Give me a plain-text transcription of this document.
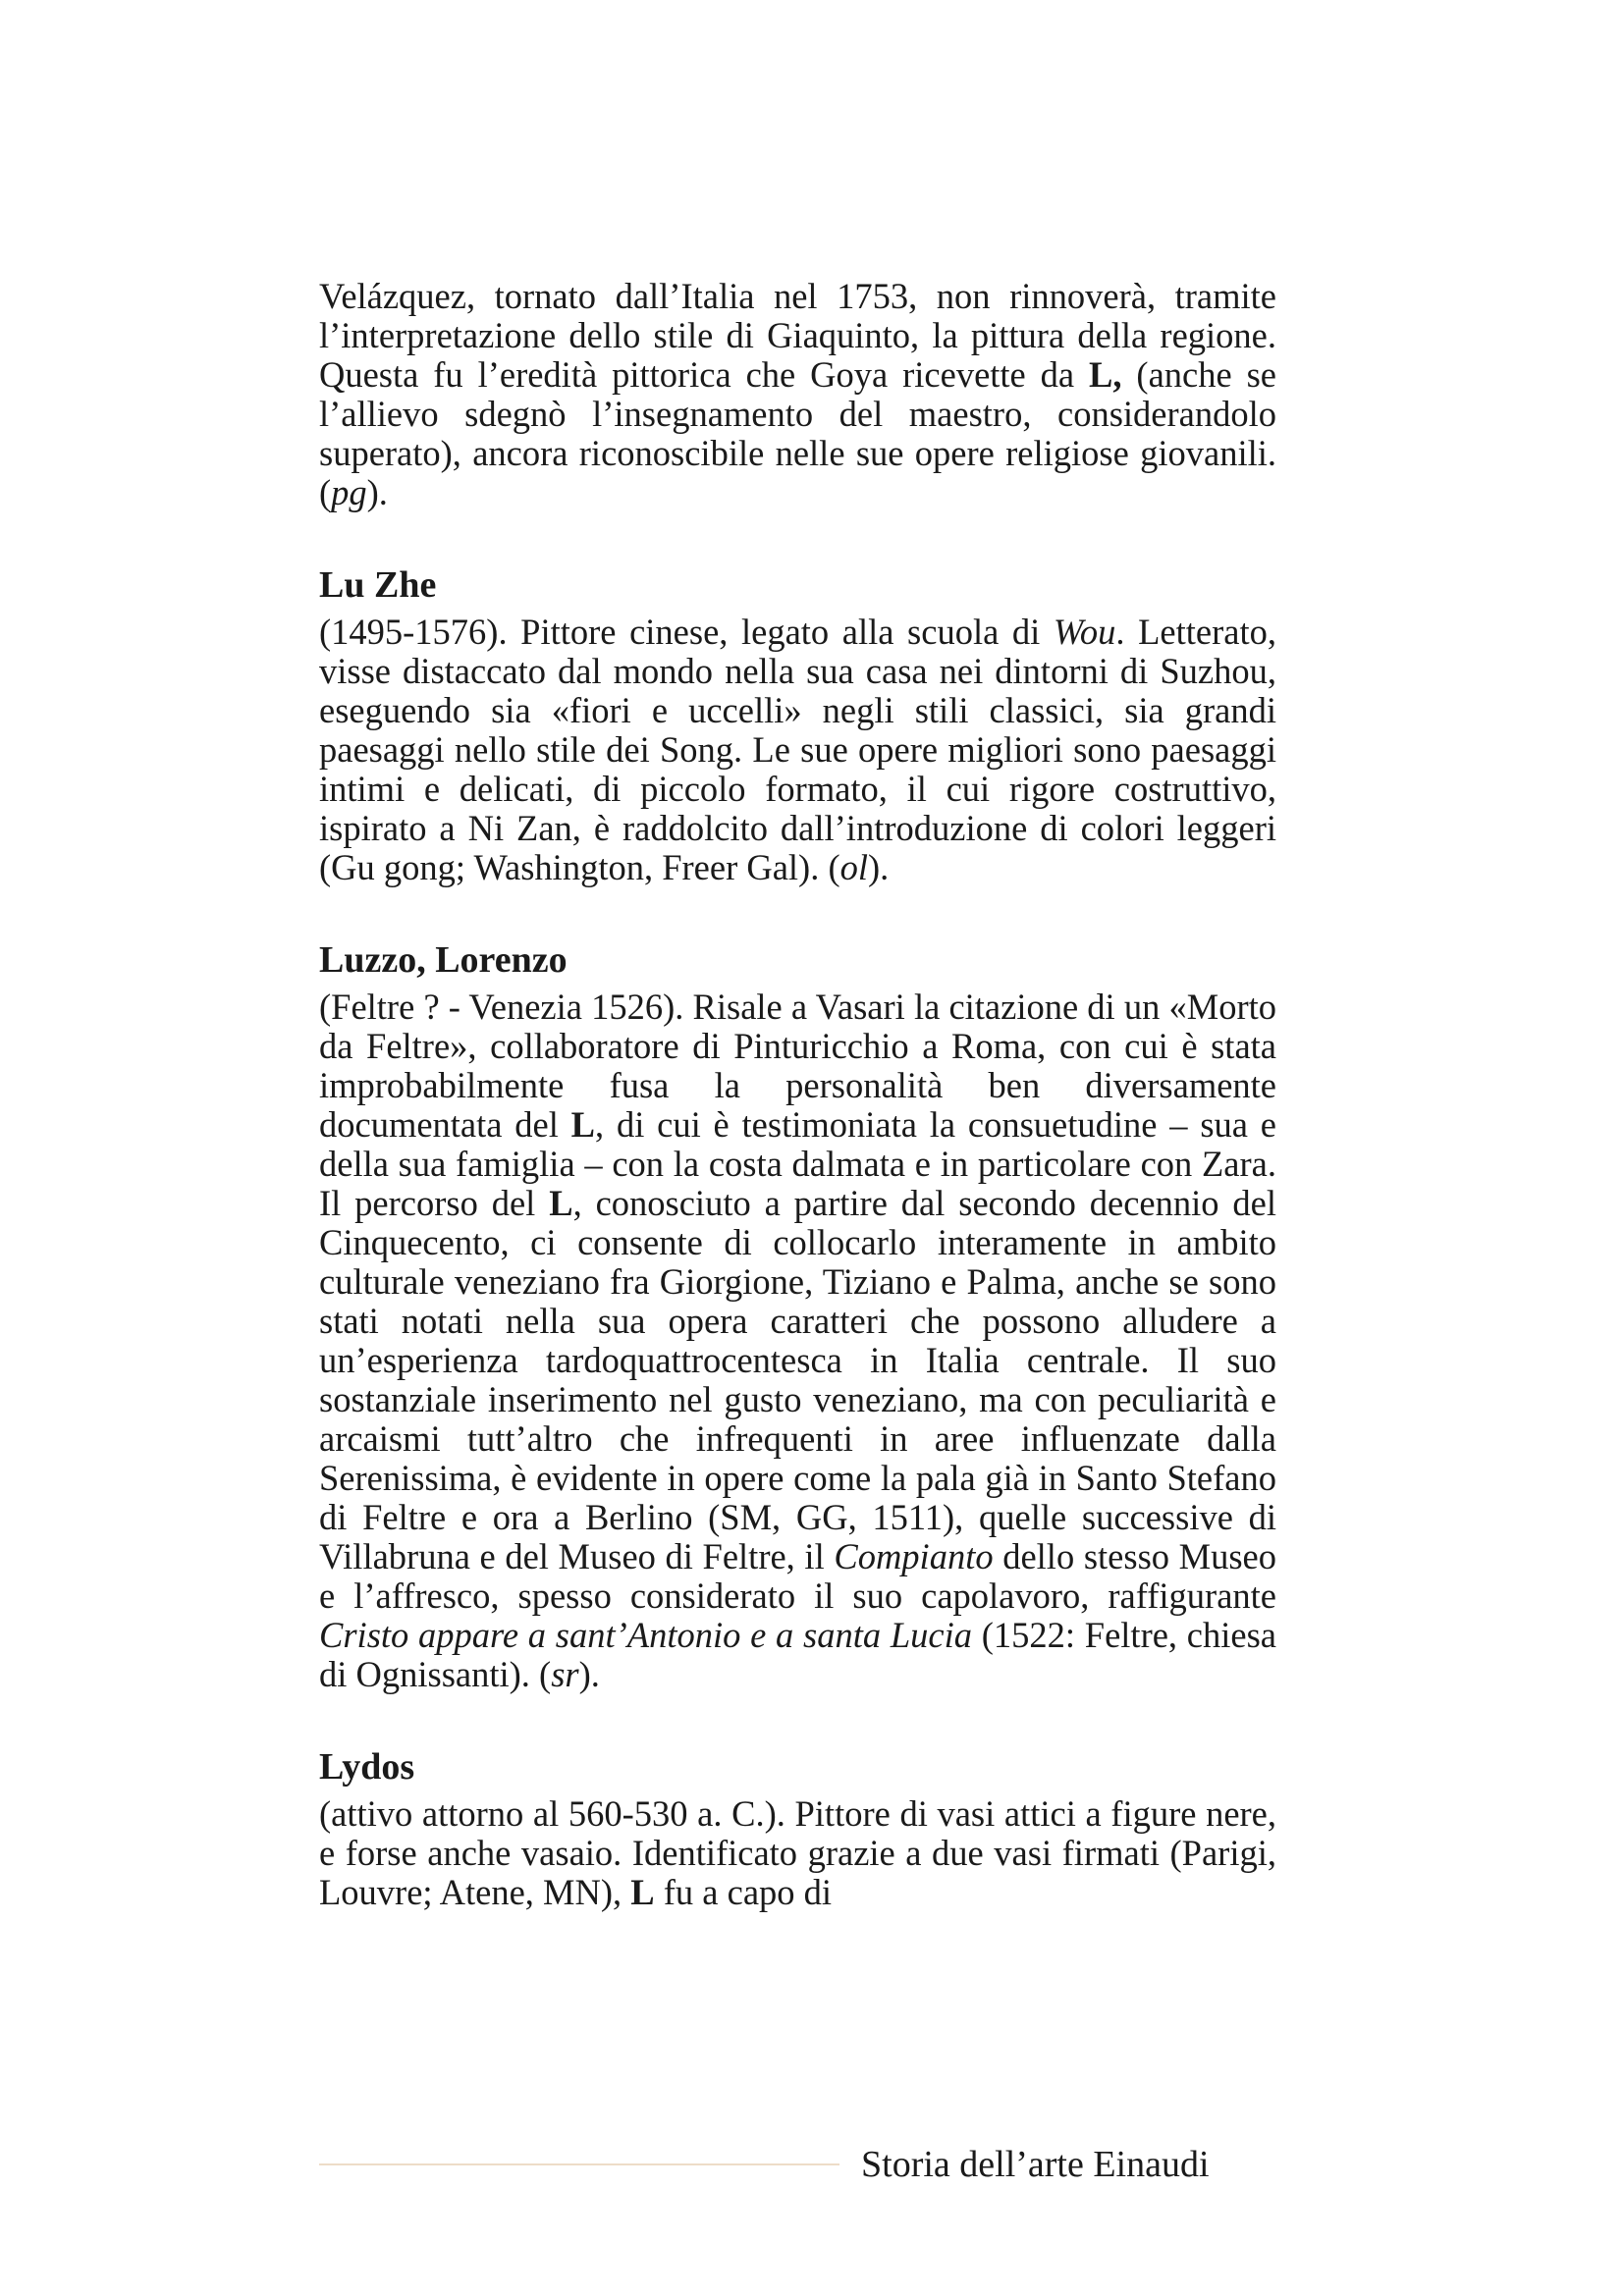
Velázquez, tornato dall’Italia nel 1753, non rinnoverà, tramite l’interpretazione dello stile di Giaquinto, la pittura della regione. Questa fu l’eredità pittorica che Goya ricevette da L, (anche se l’allievo sdegnò l’insegnamento del maestro, considerandolo superato), ancora riconoscibile nelle sue opere religiose giovanili. (pg).

Lu Zhe

(1495-1576). Pittore cinese, legato alla scuola di Wou. Letterato, visse distaccato dal mondo nella sua casa nei dintorni di Suzhou, eseguendo sia «fiori e uccelli» negli stili classici, sia grandi paesaggi nello stile dei Song. Le sue opere migliori sono paesaggi intimi e delicati, di piccolo formato, il cui rigore costruttivo, ispirato a Ni Zan, è raddolcito dall’introduzione di colori leggeri (Gu gong; Washington, Freer Gal). (ol).

Luzzo, Lorenzo

(Feltre ? - Venezia 1526). Risale a Vasari la citazione di un «Morto da Feltre», collaboratore di Pinturicchio a Roma, con cui è stata improbabilmente fusa la personalità ben diversamente documentata del L, di cui è testimoniata la consuetudine – sua e della sua famiglia – con la costa dalmata e in particolare con Zara. Il percorso del L, conosciuto a partire dal secondo decennio del Cinquecento, ci consente di collocarlo interamente in ambito culturale veneziano fra Giorgione, Tiziano e Palma, anche se sono stati notati nella sua opera caratteri che possono alludere a un’esperienza tardoquattrocentesca in Italia centrale. Il suo sostanziale inserimento nel gusto veneziano, ma con peculiarità e arcaismi tutt’altro che infrequenti in aree influenzate dalla Serenissima, è evidente in opere come la pala già in Santo Stefano di Feltre e ora a Berlino (SM, GG, 1511), quelle successive di Villabruna e del Museo di Feltre, il Compianto dello stesso Museo e l’affresco, spesso considerato il suo capolavoro, raffigurante Cristo appare a sant’Antonio e a santa Lucia (1522: Feltre, chiesa di Ognissanti). (sr).

Lydos

(attivo attorno al 560-530 a. C.). Pittore di vasi attici a figure nere, e forse anche vasaio. Identificato grazie a due vasi firmati (Parigi, Louvre; Atene, MN), L fu a capo di

Storia dell’arte Einaudi
